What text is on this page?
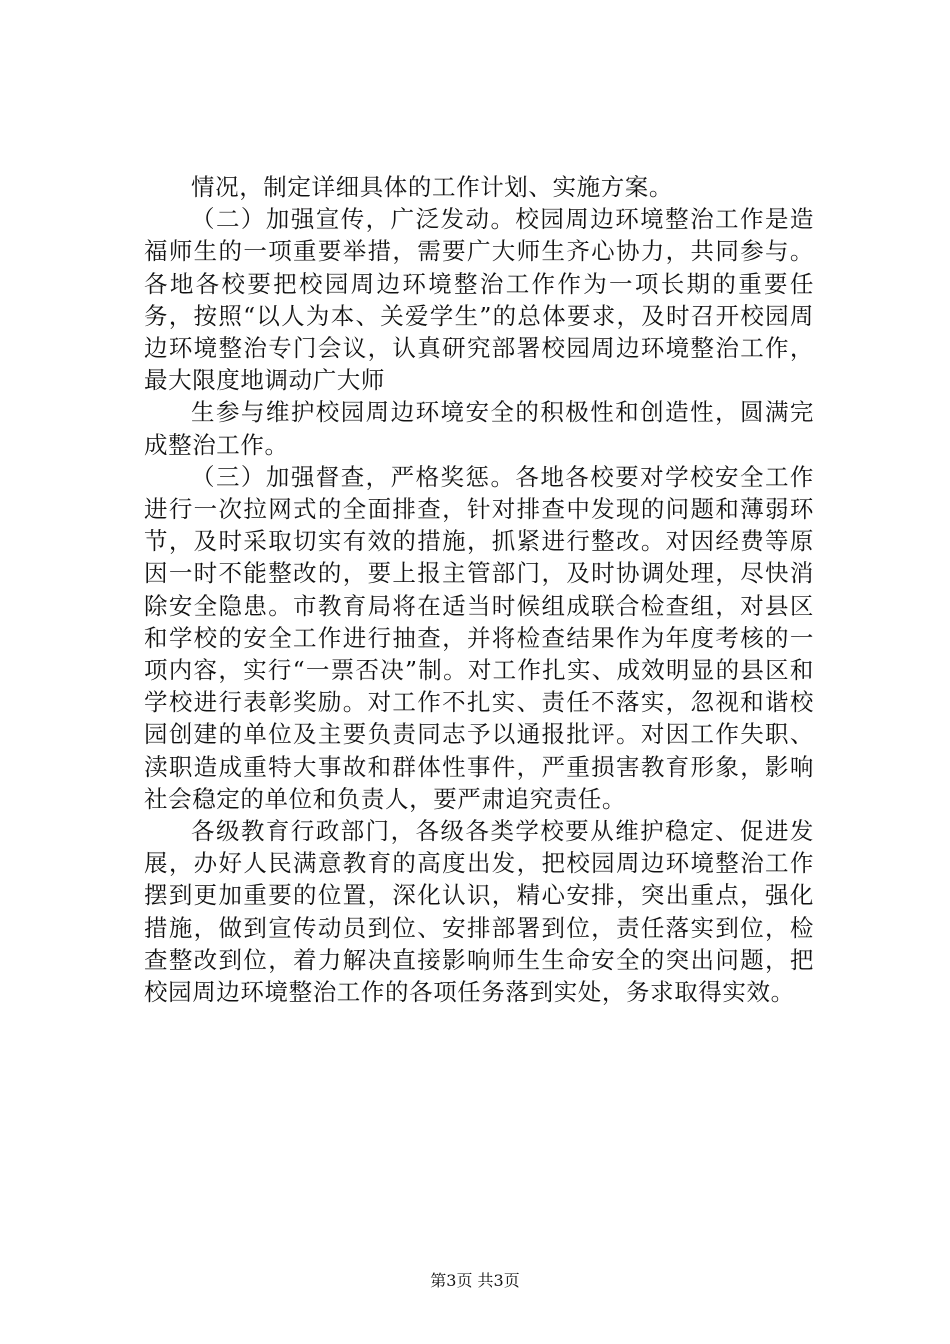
情况，制定详细具体的工作计划、实施方案。

（二）加强宣传，广泛发动。校园周边环境整治工作是造福师生的一项重要举措，需要广大师生齐心协力，共同参与。各地各校要把校园周边环境整治工作作为一项长期的重要任务，按照“以人为本、关爱学生”的总体要求，及时召开校园周边环境整治专门会议，认真研究部署校园周边环境整治工作，最大限度地调动广大师

生参与维护校园周边环境安全的积极性和创造性，圆满完成整治工作。

（三）加强督查，严格奖惩。各地各校要对学校安全工作进行一次拉网式的全面排查，针对排查中发现的问题和薄弱环节，及时采取切实有效的措施，抓紧进行整改。对因经费等原因一时不能整改的，要上报主管部门，及时协调处理，尽快消除安全隐患。市教育局将在适当时候组成联合检查组，对县区和学校的安全工作进行抽查，并将检查结果作为年度考核的一项内容，实行“一票否决”制。对工作扎实、成效明显的县区和学校进行表彰奖励。对工作不扎实、责任不落实，忽视和谐校园创建的单位及主要负责同志予以通报批评。对因工作失职、渎职造成重特大事故和群体性事件，严重损害教育形象，影响社会稳定的单位和负责人，要严肃追究责任。

各级教育行政部门，各级各类学校要从维护稳定、促进发展，办好人民满意教育的高度出发，把校园周边环境整治工作摆到更加重要的位置，深化认识，精心安排，突出重点，强化措施，做到宣传动员到位、安排部署到位，责任落实到位，检查整改到位，着力解决直接影响师生生命安全的突出问题，把校园周边环境整治工作的各项任务落到实处，务求取得实效。

第3页 共3页
